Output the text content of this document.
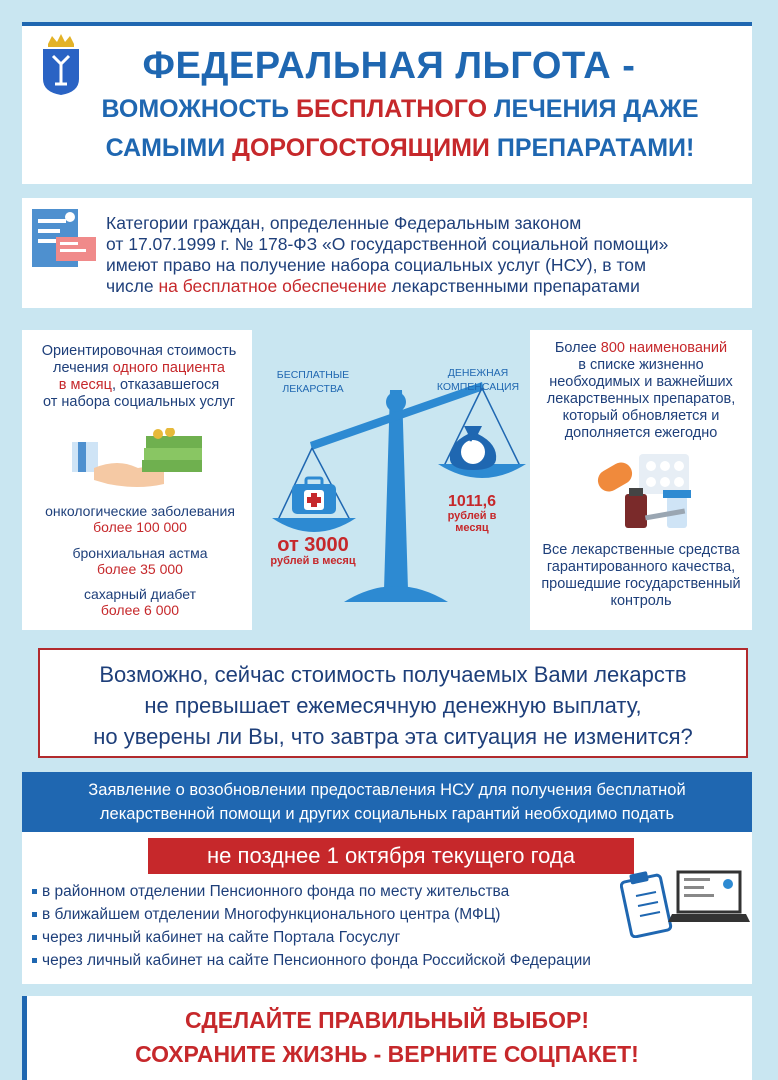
ФЕДЕРАЛЬНАЯ ЛЬГОТА -
ВОМОЖНОСТЬ БЕСПЛАТНОГО ЛЕЧЕНИЯ ДАЖЕ
САМЫМИ ДОРОГОСТОЯЩИМИ ПРЕПАРАТАМИ!
Категории граждан, определенные Федеральным законом
от 17.07.1999 г. № 178-ФЗ «О государственной социальной помощи»
имеют право на получение набора социальных услуг (НСУ), в том
числе на бесплатное обеспечение лекарственными препаратами
Ориентировочная стоимость
лечения одного пациента
в месяц, отказавшегося
от набора социальных услуг
онкологические заболевания
более 100 000
бронхиальная астма
более 35 000
сахарный диабет
более 6 000
₽
БЕСПЛАТНЫЕ ЛЕКАРСТВА
ДЕНЕЖНАЯ КОМПЕНСАЦИЯ
от 3000
рублей в месяц
1011,6
рублей в месяц
Более 800 наименований
в списке жизненно
необходимых и важнейших
лекарственных препаратов,
который обновляется и
дополняется ежегодно
Все лекарственные средства
гарантированного качества,
прошедшие государственный
контроль
Возможно, сейчас стоимость получаемых Вами лекарств
не превышает ежемесячную денежную выплату,
но уверены ли Вы, что завтра эта ситуация не изменится?
Заявление о возобновлении предоставления НСУ для получения бесплатной
лекарственной помощи и других социальных гарантий необходимо подать
не позднее 1 октября текущего года
в районном отделении Пенсионного фонда по месту жительства
в ближайшем отделении Многофункционального центра (МФЦ)
через личный кабинет на сайте Портала Госуслуг
через личный кабинет на сайте Пенсионного фонда Российской Федерации
СДЕЛАЙТЕ ПРАВИЛЬНЫЙ ВЫБОР!
СОХРАНИТЕ ЖИЗНЬ - ВЕРНИТЕ СОЦПАКЕТ!
